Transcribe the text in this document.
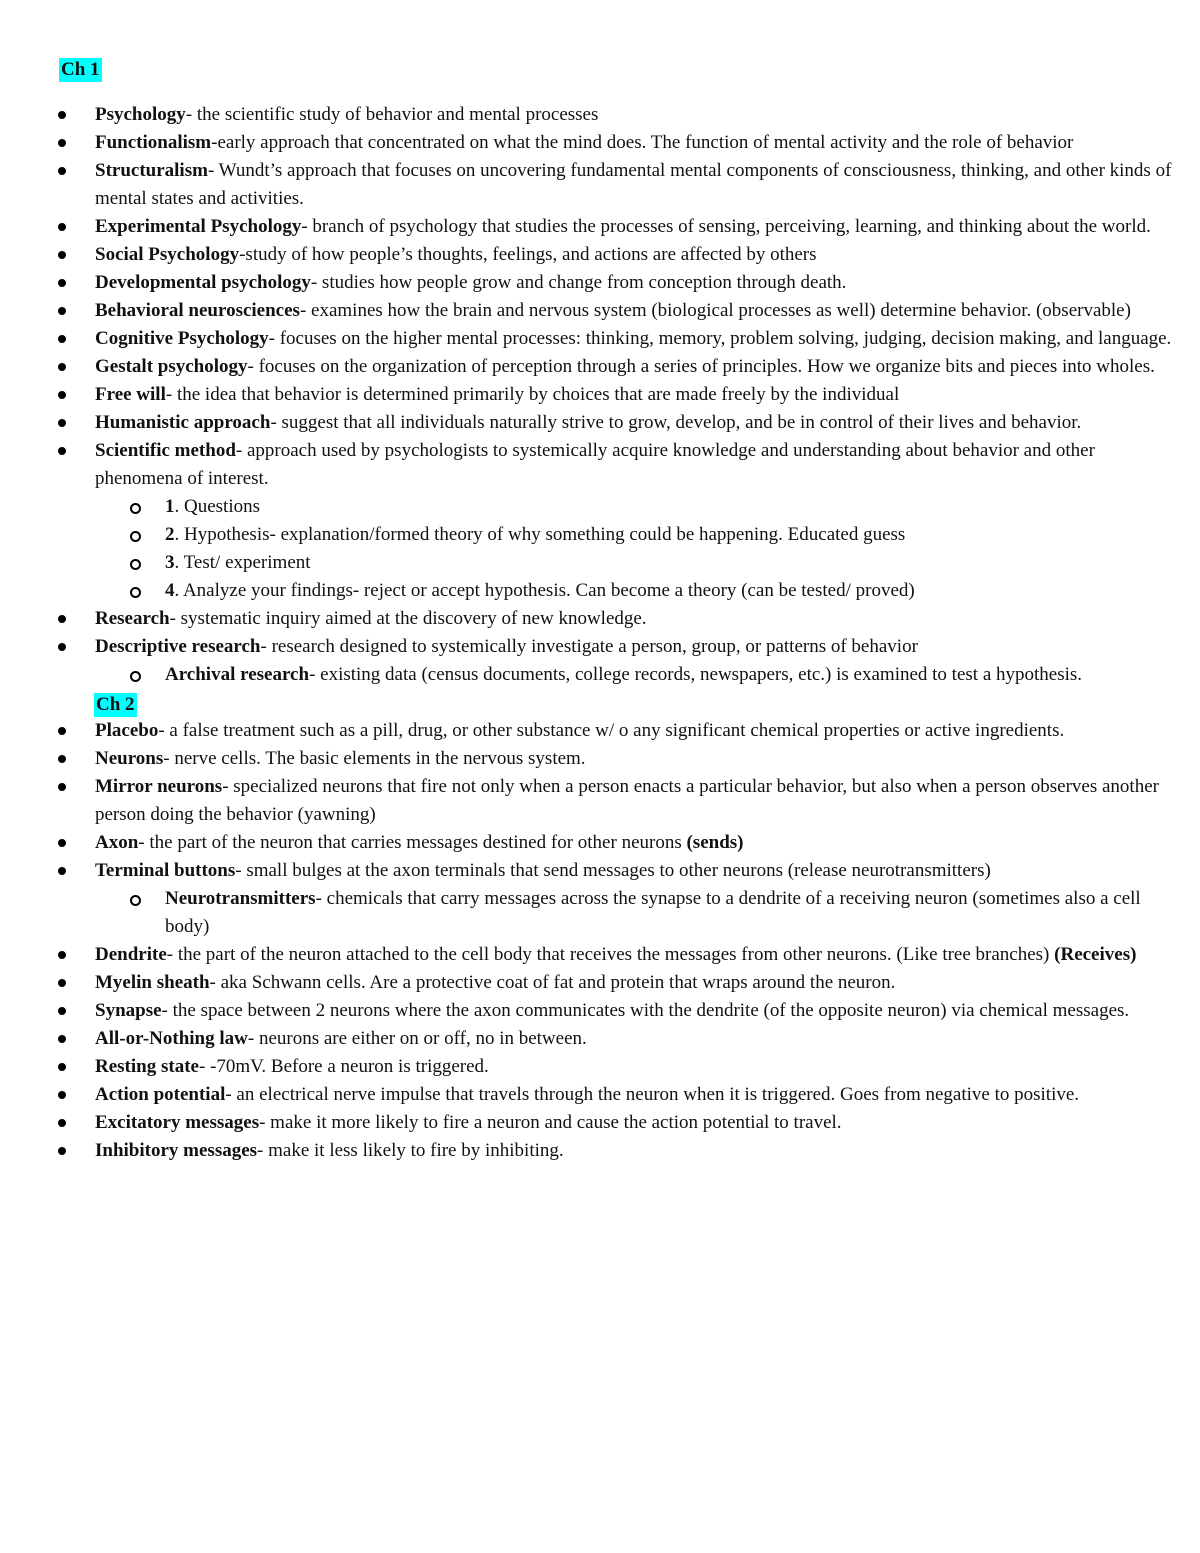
Ch 1
Psychology- the scientific study of behavior and mental processes
Functionalism-early approach that concentrated on what the mind does. The function of mental activity and the role of behavior
Structuralism- Wundt’s approach that focuses on uncovering fundamental mental components of consciousness, thinking, and other kinds of mental states and activities.
Experimental Psychology- branch of psychology that studies the processes of sensing, perceiving, learning, and thinking about the world.
Social Psychology-study of how people’s thoughts, feelings, and actions are affected by others
Developmental psychology- studies how people grow and change from conception through death.
Behavioral neurosciences- examines how the brain and nervous system (biological processes as well) determine behavior. (observable)
Cognitive Psychology- focuses on the higher mental processes: thinking, memory, problem solving, judging, decision making, and language.
Gestalt psychology- focuses on the organization of perception through a series of principles. How we organize bits and pieces into wholes.
Free will- the idea that behavior is determined primarily by choices that are made freely by the individual
Humanistic approach- suggest that all individuals naturally strive to grow, develop, and be in control of their lives and behavior.
Scientific method- approach used by psychologists to systemically acquire knowledge and understanding about behavior and other phenomena of interest.
1. Questions
2. Hypothesis- explanation/formed theory of why something could be happening. Educated guess
3. Test/ experiment
4. Analyze your findings- reject or accept hypothesis. Can become a theory (can be tested/ proved)
Research- systematic inquiry aimed at the discovery of new knowledge.
Descriptive research- research designed to systemically investigate a person, group, or patterns of behavior
Archival research- existing data (census documents, college records, newspapers, etc.) is examined to test a hypothesis.
Ch 2
Placebo- a false treatment such as a pill, drug, or other substance w/ o any significant chemical properties or active ingredients.
Neurons- nerve cells. The basic elements in the nervous system.
Mirror neurons- specialized neurons that fire not only when a person enacts a particular behavior, but also when a person observes another person doing the behavior (yawning)
Axon- the part of the neuron that carries messages destined for other neurons (sends)
Terminal buttons- small bulges at the axon terminals that send messages to other neurons (release neurotransmitters)
Neurotransmitters- chemicals that carry messages across the synapse to a dendrite of a receiving neuron (sometimes also a cell body)
Dendrite- the part of the neuron attached to the cell body that receives the messages from other neurons. (Like tree branches) (Receives)
Myelin sheath- aka Schwann cells. Are a protective coat of fat and protein that wraps around the neuron.
Synapse- the space between 2 neurons where the axon communicates with the dendrite (of the opposite neuron) via chemical messages.
All-or-Nothing law- neurons are either on or off, no in between.
Resting state- -70mV. Before a neuron is triggered.
Action potential- an electrical nerve impulse that travels through the neuron when it is triggered. Goes from negative to positive.
Excitatory messages- make it more likely to fire a neuron and cause the action potential to travel.
Inhibitory messages- make it less likely to fire by inhibiting.
